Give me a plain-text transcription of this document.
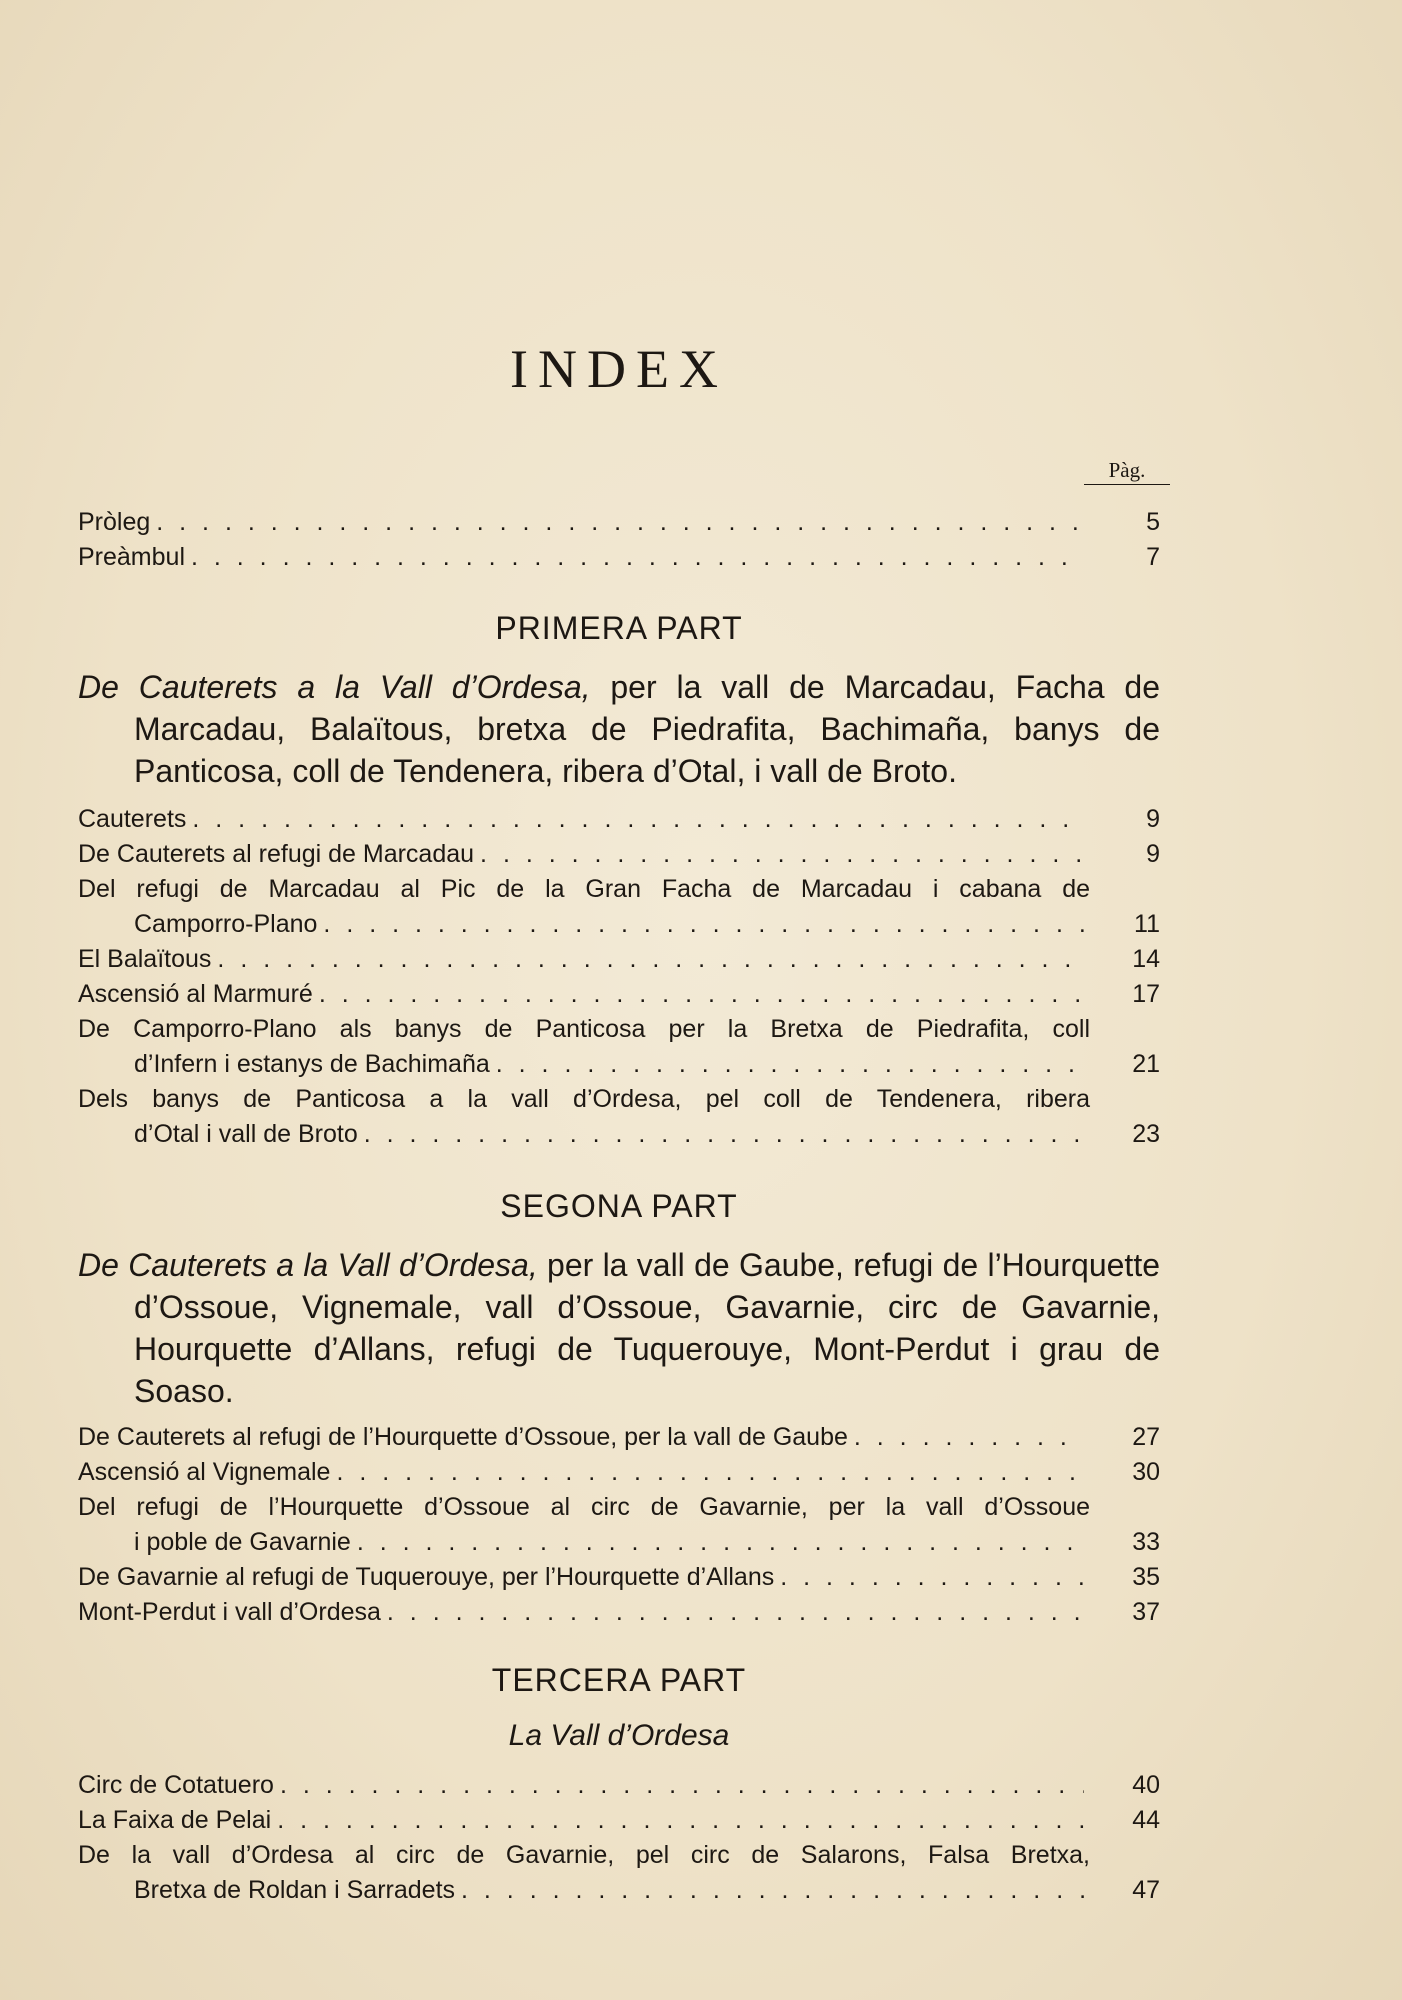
INDEX
Pàg.
Pròleg . . .	5
Preàmbul . . .	7
PRIMERA PART
De Cauterets a la Vall d’Ordesa, per la vall de Marcadau, Facha de Marcadau, Balaïtous, bretxa de Piedrafita, Bachimaña, banys de Panticosa, coll de Tendenera, ribera d’Otal, i vall de Broto.
Cauterets . . .	9
De Cauterets al refugi de Marcadau . . .	9
Del refugi de Marcadau al Pic de la Gran Facha de Marcadau i cabana de
Camporro-Plano . . .	11
El Balaïtous . . .	14
Ascensió al Marmuré . . .	17
De Camporro-Plano als banys de Panticosa per la Bretxa de Piedrafita, coll
d’Infern i estanys de Bachimaña . . .	21
Dels banys de Panticosa a la vall d’Ordesa, pel coll de Tendenera, ribera
d’Otal i vall de Broto . . .	23
SEGONA PART
De Cauterets a la Vall d’Ordesa, per la vall de Gaube, refugi de l’Hourquette d’Ossoue, Vignemale, vall d’Ossoue, Gavarnie, circ de Gavarnie, Hourquette d’Allans, refugi de Tuquerouye, Mont-Perdut i grau de Soaso.
De Cauterets al refugi de l’Hourquette d’Ossoue, per la vall de Gaube . . .	27
Ascensió al Vignemale . . .	30
Del refugi de l’Hourquette d’Ossoue al circ de Gavarnie, per la vall d’Ossoue
i poble de Gavarnie . . .	33
De Gavarnie al refugi de Tuquerouye, per l’Hourquette d’Allans . . .	35
Mont-Perdut i vall d’Ordesa . . .	37
TERCERA PART
La Vall d’Ordesa
Circ de Cotatuero . . .	40
La Faixa de Pelai . . .	44
De la vall d’Ordesa al circ de Gavarnie, pel circ de Salarons, Falsa Bretxa,
Bretxa de Roldan i Sarradets . . .	47
